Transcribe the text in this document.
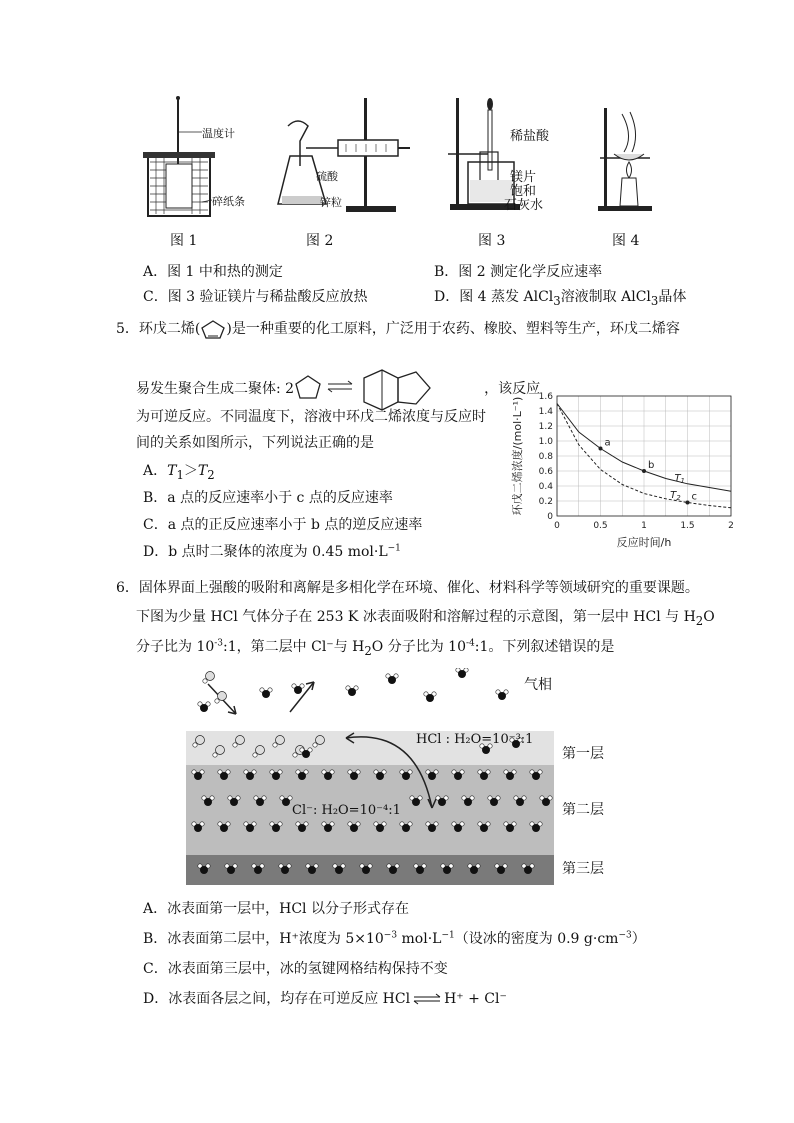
温度计
碎纸条
图 1
硫酸
锌粒
图 2
稀盐酸
镁片
饱和
石灰水
图 3	图 4
A．图 1 中和热的测定	B．图 2 测定化学反应速率
C．图 3 验证镁片与稀盐酸反应放热	D．图 4 蒸发 AlCl$_3$溶液制取 AlCl$_3$晶体
5．环戊二烯( )是一种重要的化工原料，广泛用于农药、橡胶、塑料等生产，环戊二烯容
易发生聚合生成二聚体: 2	，该反应
为可逆反应。不同温度下，溶液中环戊二烯浓度与反应时
间的关系如图所示，下列说法正确的是
A．$T_1>T_2$
B．a 点的反应速率小于 c 点的反应速率
C．a 点的正反应速率小于 b 点的逆反应速率
D．b 点时二聚体的浓度为 0.45 $mol\cdot L^{-1}$
0
0.2
0.4
0.6
0.8
1.0
1.2
1.4
1.6
0	0.5	1	1.5	2
反应时间/h
环戊二烯浓度/(mol·L⁻¹)	a
b
c
$T_1$
$T_2$
6．固体界面上强酸的吸附和离解是多相化学在环境、催化、材料科学等领域研究的重要课题。
下图为少量 HCl 气体分子在 253 K 冰表面吸附和溶解过程的示意图，第一层中 HCl 与 $H_2O$
分子比为 $10^{-3}:1$，第二层中 Cl⁻与 $H_2O$ 分子比为 $10^{-4}:1$。下列叙述错误的是
气相
第一层
第二层
第三层
HCl : H₂O=10⁻³:1
Cl⁻: H₂O=10⁻⁴:1
A．冰表面第一层中，HCl 以分子形式存在
B．冰表面第二层中，H⁺浓度为 $5\times 10^{-3}$ $mol\cdot L^{-1}$（设冰的密度为 0.9 $g\cdot cm^{-3}$）
C．冰表面第三层中，冰的氢键网格结构保持不变
D．冰表面各层之间，均存在可逆反应 HCl ⇌ H⁺ + Cl⁻
